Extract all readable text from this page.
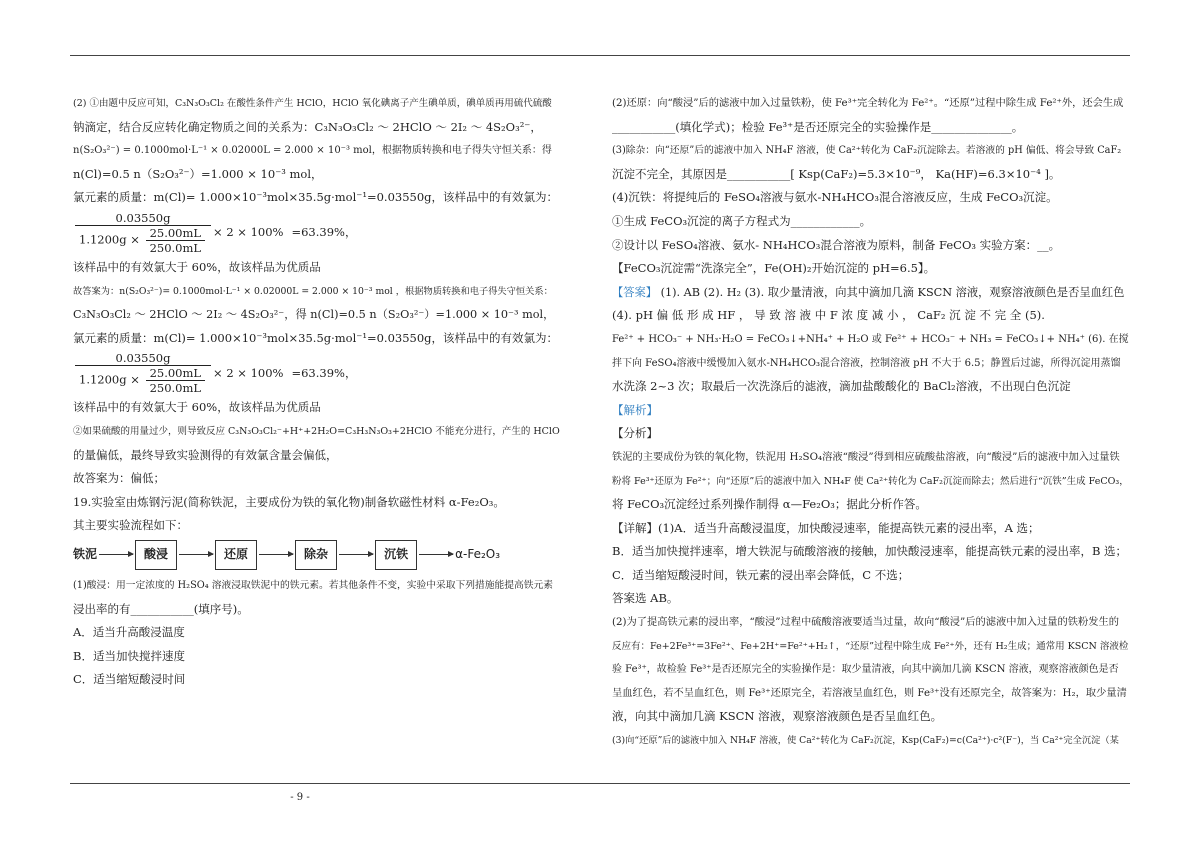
(2) ①由题中反应可知，C₃N₃O₃Cl₂ 在酸性条件产生 HClO，HClO 氧化碘离子产生碘单质，碘单质再用硫代硫酸

钠滴定，结合反应转化确定物质之间的关系为：C₃N₃O₃Cl₂ ～ 2HClO ～ 2I₂ ～ 4S₂O₃²⁻，

n(S₂O₃²⁻) = 0.1000mol·L⁻¹ × 0.02000L = 2.000 × 10⁻³ mol，根据物质转换和电子得失守恒关系：得

n(Cl)=0.5 n（S₂O₃²⁻）=1.000 × 10⁻³ mol，

氯元素的质量：m(Cl)= 1.000×10⁻³mol×35.5g·mol⁻¹=0.03550g，该样品中的有效氯为：

$\frac{0.03550g}{1.1200g \times \frac{25.00mL}{250.0mL}} \times 2 \times 100\% =63.39\%$，

该样品中的有效氯大于 60%，故该样品为优质品

故答案为：n(S₂O₃²⁻)= 0.1000mol·L⁻¹ × 0.02000L = 2.000 × 10⁻³ mol ，根据物质转换和电子得失守恒关系：

C₃N₃O₃Cl₂ ～ 2HClO ～ 2I₂ ～ 4S₂O₃²⁻，得 n(Cl)=0.5 n（S₂O₃²⁻）=1.000 × 10⁻³ mol，

氯元素的质量：m(Cl)= 1.000×10⁻³mol×35.5g·mol⁻¹=0.03550g，该样品中的有效氯为：

$\frac{0.03550g}{1.1200g \times \frac{25.00mL}{250.0mL}} \times 2 \times 100\% =63.39\%$，

该样品中的有效氯大于 60%，故该样品为优质品

②如果硫酸的用量过少，则导致反应 C₃N₃O₃Cl₂⁻+H⁺+2H₂O=C₃H₃N₃O₃+2HClO 不能充分进行，产生的 HClO

的量偏低，最终导致实验测得的有效氯含量会偏低，

故答案为：偏低；

19.实验室由炼钢污泥(简称铁泥，主要成份为铁的氧化物)制备软磁性材料 α-Fe₂O₃。

其主要实验流程如下：

铁泥	酸浸	还原	除杂	沉铁	α-Fe₂O₃

(1)酸浸：用一定浓度的 H₂SO₄ 溶液浸取铁泥中的铁元素。若其他条件不变，实验中采取下列措施能提高铁元素

浸出率的有___________(填序号)。

A．适当升高酸浸温度

B．适当加快搅拌速度

C．适当缩短酸浸时间

(2)还原：向“酸浸”后的滤液中加入过量铁粉，使 Fe³⁺完全转化为 Fe²⁺。“还原”过程中除生成 Fe²⁺外，还会生成

___________(填化学式)；检验 Fe³⁺是否还原完全的实验操作是______________。

(3)除杂：向“还原”后的滤液中加入 NH₄F 溶液，使 Ca²⁺转化为 CaF₂沉淀除去。若溶液的 pH 偏低、将会导致 CaF₂

沉淀不完全，其原因是___________[ Ksp(CaF₂)=5.3×10⁻⁹， Ka(HF)=6.3×10⁻⁴ ]。

(4)沉铁：将提纯后的 FeSO₄溶液与氨水-NH₄HCO₃混合溶液反应，生成 FeCO₃沉淀。

①生成 FeCO₃沉淀的离子方程式为____________。

②设计以 FeSO₄溶液、氨水- NH₄HCO₃混合溶液为原料，制备 FeCO₃ 实验方案：__。

【FeCO₃沉淀需“洗涤完全”，Fe(OH)₂开始沉淀的 pH=6.5】。

【答案】 (1). AB (2). H₂ (3). 取少量清液，向其中滴加几滴 KSCN 溶液，观察溶液颜色是否呈血红色

(4). pH 偏 低 形 成 HF ， 导 致 溶 液 中 F 浓 度 减 小 ， CaF₂ 沉 淀 不 完 全 (5).

Fe²⁺ + HCO₃⁻ + NH₃·H₂O = FeCO₃↓+NH₄⁺ + H₂O 或 Fe²⁺ + HCO₃⁻ + NH₃ = FeCO₃↓+ NH₄⁺ (6). 在搅

拌下向 FeSO₄溶液中缓慢加入氨水-NH₄HCO₃混合溶液，控制溶液 pH 不大于 6.5；静置后过滤，所得沉淀用蒸馏

水洗涤 2~3 次；取最后一次洗涤后的滤液，滴加盐酸酸化的 BaCl₂溶液，不出现白色沉淀

【解析】

【分析】

铁泥的主要成份为铁的氧化物，铁泥用 H₂SO₄溶液“酸浸”得到相应硫酸盐溶液，向“酸浸”后的滤液中加入过量铁

粉将 Fe³⁺还原为 Fe²⁺；向“还原”后的滤液中加入 NH₄F 使 Ca²⁺转化为 CaF₂沉淀而除去；然后进行“沉铁”生成 FeCO₃，

将 FeCO₃沉淀经过系列操作制得 α—Fe₂O₃；据此分析作答。

【详解】(1)A．适当升高酸浸温度，加快酸浸速率，能提高铁元素的浸出率，A 选；

B．适当加快搅拌速率，增大铁泥与硫酸溶液的接触，加快酸浸速率，能提高铁元素的浸出率，B 选；

C．适当缩短酸浸时间，铁元素的浸出率会降低，C 不选；

答案选 AB。

(2)为了提高铁元素的浸出率，“酸浸”过程中硫酸溶液要适当过量，故向“酸浸”后的滤液中加入过量的铁粉发生的

反应有：Fe+2Fe³⁺=3Fe²⁺、Fe+2H⁺=Fe²⁺+H₂↑，“还原”过程中除生成 Fe²⁺外，还有 H₂生成；通常用 KSCN 溶液检

验 Fe³⁺，故检验 Fe³⁺是否还原完全的实验操作是：取少量清液，向其中滴加几滴 KSCN 溶液，观察溶液颜色是否

呈血红色，若不呈血红色，则 Fe³⁺还原完全，若溶液呈血红色，则 Fe³⁺没有还原完全，故答案为：H₂，取少量清

液，向其中滴加几滴 KSCN 溶液，观察溶液颜色是否呈血红色。

(3)向“还原”后的滤液中加入 NH₄F 溶液，使 Ca²⁺转化为 CaF₂沉淀，Ksp(CaF₂)=c(Ca²⁺)·c²(F⁻)，当 Ca²⁺完全沉淀（某

- 9 -
